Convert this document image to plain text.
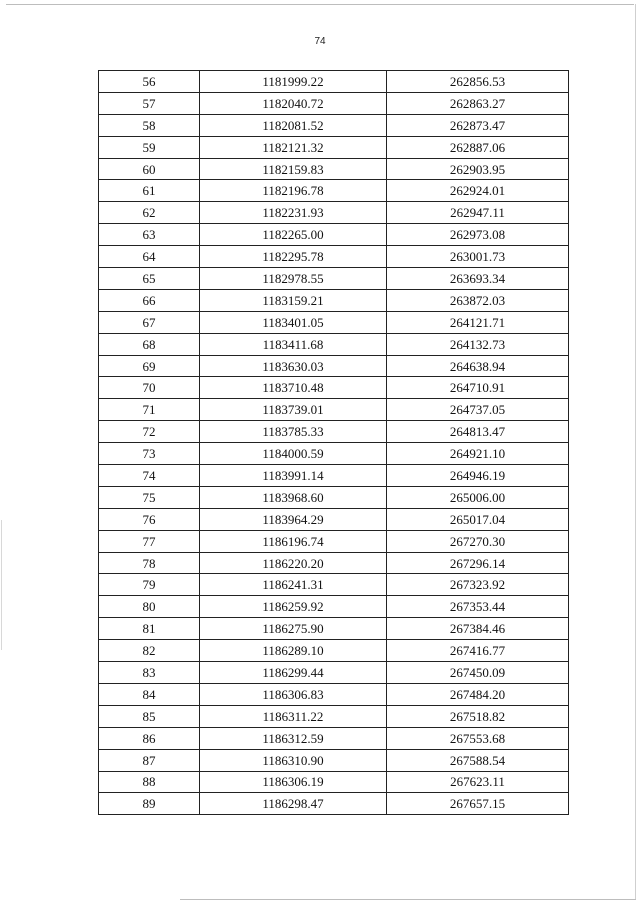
74
56	1181999.22	262856.53
57	1182040.72	262863.27
58	1182081.52	262873.47
59	1182121.32	262887.06
60	1182159.83	262903.95
61	1182196.78	262924.01
62	1182231.93	262947.11
63	1182265.00	262973.08
64	1182295.78	263001.73
65	1182978.55	263693.34
66	1183159.21	263872.03
67	1183401.05	264121.71
68	1183411.68	264132.73
69	1183630.03	264638.94
70	1183710.48	264710.91
71	1183739.01	264737.05
72	1183785.33	264813.47
73	1184000.59	264921.10
74	1183991.14	264946.19
75	1183968.60	265006.00
76	1183964.29	265017.04
77	1186196.74	267270.30
78	1186220.20	267296.14
79	1186241.31	267323.92
80	1186259.92	267353.44
81	1186275.90	267384.46
82	1186289.10	267416.77
83	1186299.44	267450.09
84	1186306.83	267484.20
85	1186311.22	267518.82
86	1186312.59	267553.68
87	1186310.90	267588.54
88	1186306.19	267623.11
89	1186298.47	267657.15
